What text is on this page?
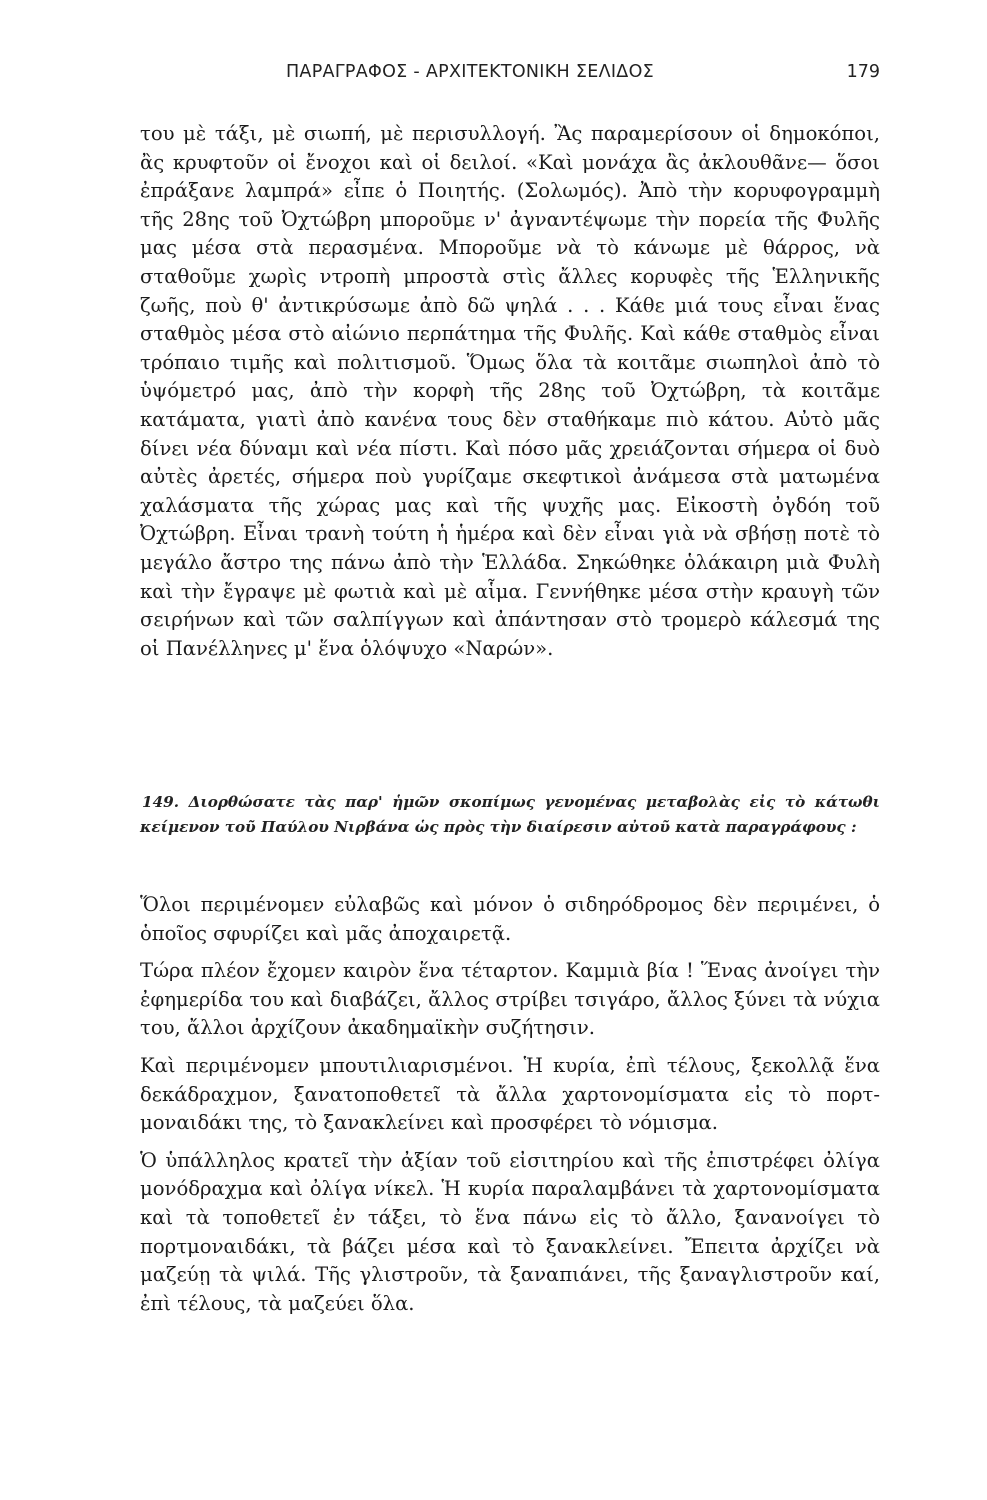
ΠΑΡΑΓΡΑΦΟΣ - ΑΡΧΙΤΕΚΤΟΝΙΚΗ ΣΕΛΙΔΟΣ	179

του μὲ τάξι, μὲ σιωπή, μὲ περισυλλογή. Ἂς παραμερίσουν οἱ δημοκόποι, ἂς κρυφτοῦν οἱ ἔνοχοι καὶ οἱ δειλοί. «Καὶ μονάχα ἂς ἀκλουθᾶνε— ὅσοι ἐπράξανε λαμπρά» εἶπε ὁ Ποιητής. (Σολωμός). Ἀπὸ τὴν κορυφογραμμὴ τῆς 28ης τοῦ Ὀχτώβρη μποροῦμε ν' ἀγναντέψωμε τὴν πορεία τῆς Φυλῆς μας μέσα στὰ περασμένα. Μποροῦμε νὰ τὸ κάνωμε μὲ θάρρος, νὰ σταθοῦμε χωρὶς ντροπὴ μπροστὰ στὶς ἄλλες κορυφὲς τῆς Ἑλληνικῆς ζωῆς, ποὺ θ' ἀντικρύσωμε ἀπὸ δῶ ψηλά . . . Κάθε μιά τους εἶναι ἕνας σταθμὸς μέσα στὸ αἰώνιο περπάτημα τῆς Φυλῆς. Καὶ κάθε σταθμὸς εἶναι τρόπαιο τιμῆς καὶ πολιτισμοῦ. Ὅμως ὅλα τὰ κοιτᾶμε σιωπηλοὶ ἀπὸ τὸ ὑψόμετρό μας, ἀπὸ τὴν κορφὴ τῆς 28ης τοῦ Ὀχτώβρη, τὰ κοιτᾶμε κατάματα, γιατὶ ἀπὸ κανένα τους δὲν σταθήκαμε πιὸ κάτου. Αὐτὸ μᾶς δίνει νέα δύναμι καὶ νέα πίστι. Καὶ πόσο μᾶς χρειάζονται σήμερα οἱ δυὸ αὐτὲς ἀρετές, σήμερα ποὺ γυρίζαμε σκεφτικοὶ ἀνάμεσα στὰ ματωμένα χαλάσματα τῆς χώρας μας καὶ τῆς ψυχῆς μας. Εἰκοστὴ ὀγδόη τοῦ Ὀχτώβρη. Εἶναι τρανὴ τούτη ἡ ἡμέρα καὶ δὲν εἶναι γιὰ νὰ σβήσῃ ποτὲ τὸ μεγάλο ἄστρο της πάνω ἀπὸ τὴν Ἑλλάδα. Σηκώθηκε ὁλάκαιρη μιὰ Φυλὴ καὶ τὴν ἔγραψε μὲ φωτιὰ καὶ μὲ αἷμα. Γεννήθηκε μέσα στὴν κραυγὴ τῶν σειρήνων καὶ τῶν σαλπίγγων καὶ ἀπάντησαν στὸ τρομερὸ κάλεσμά της οἱ Πανέλληνες μ' ἕνα ὁλόψυχο «Ναρών».

149. Διορθώσατε τὰς παρ' ἡμῶν σκοπίμως γενομένας μεταβολὰς εἰς τὸ κάτωθι κείμενον τοῦ Παύλου Νιρβάνα ὡς πρὸς τὴν διαίρεσιν αὐτοῦ κατὰ παραγράφους :

Ὅλοι περιμένομεν εὐλαβῶς καὶ μόνον ὁ σιδηρόδρομος δὲν περιμένει, ὁ ὁποῖος σφυρίζει καὶ μᾶς ἀποχαιρετᾷ.

Τώρα πλέον ἔχομεν καιρὸν ἕνα τέταρτον. Καμμιὰ βία ! Ἕνας ἀνοίγει τὴν ἐφημερίδα του καὶ διαβάζει, ἄλλος στρίβει τσιγάρο, ἄλλος ξύνει τὰ νύχια του, ἄλλοι ἀρχίζουν ἀκαδημαϊκὴν συζήτησιν.

Καὶ περιμένομεν μπουτιλιαρισμένοι. Ἡ κυρία, ἐπὶ τέλους, ξεκολλᾷ ἕνα δεκάδραχμον, ξανατοποθετεῖ τὰ ἄλλα χαρτονομίσματα εἰς τὸ πορτμοναιδάκι της, τὸ ξανακλείνει καὶ προσφέρει τὸ νόμισμα.

Ὁ ὑπάλληλος κρατεῖ τὴν ἀξίαν τοῦ εἰσιτηρίου καὶ τῆς ἐπιστρέφει ὀλίγα μονόδραχμα καὶ ὀλίγα νίκελ. Ἡ κυρία παραλαμβάνει τὰ χαρτονομίσματα καὶ τὰ τοποθετεῖ ἐν τάξει, τὸ ἕνα πάνω εἰς τὸ ἄλλο, ξανανοίγει τὸ πορτμοναιδάκι, τὰ βάζει μέσα καὶ τὸ ξανακλείνει. Ἔπειτα ἀρχίζει νὰ μαζεύῃ τὰ ψιλά. Τῆς γλιστροῦν, τὰ ξαναπιάνει, τῆς ξαναγλιστροῦν καί, ἐπὶ τέλους, τὰ μαζεύει ὅλα.
